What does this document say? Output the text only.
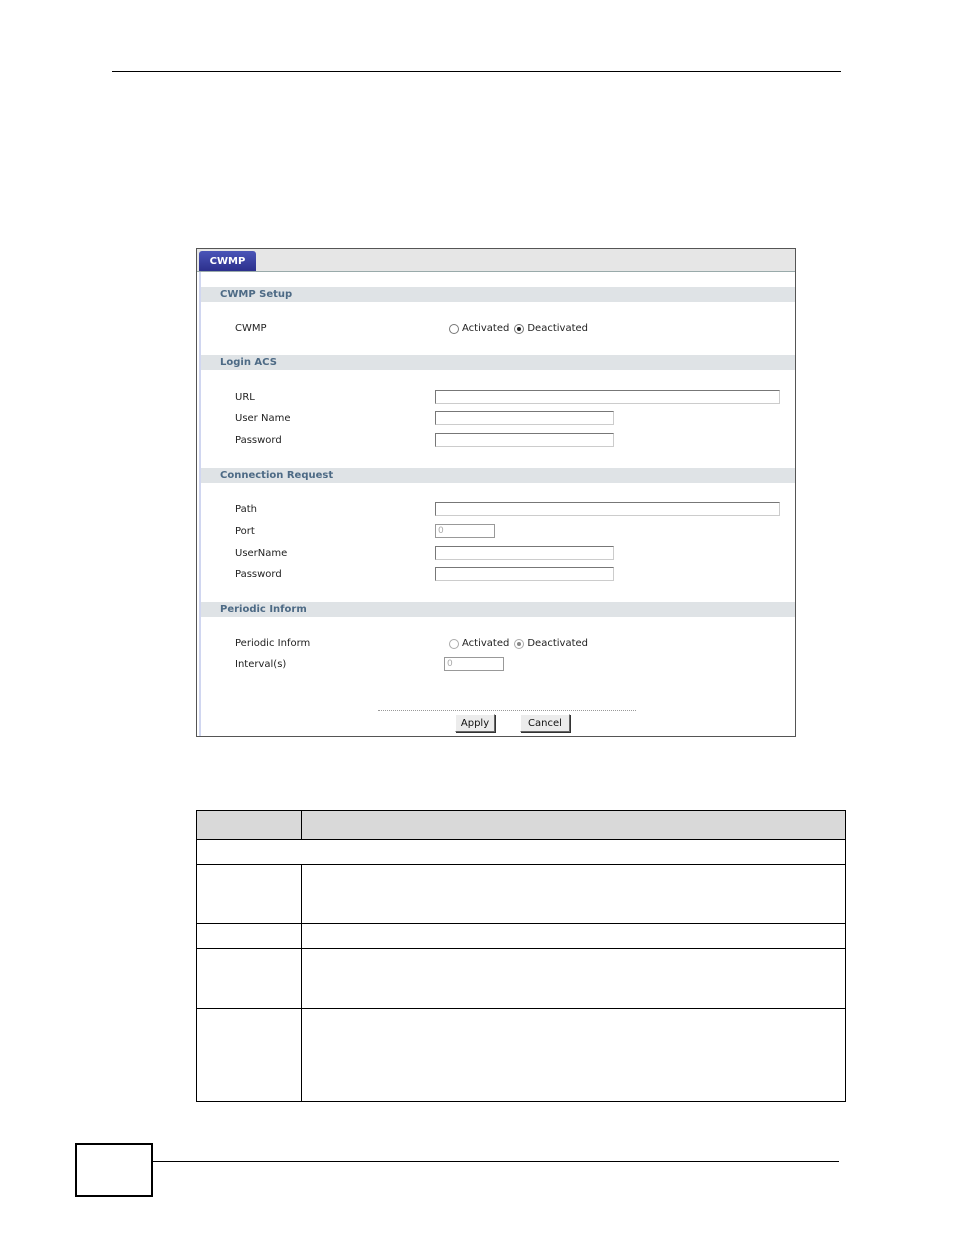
CWMP
CWMP Setup
CWMP	Activated Deactivated
Login ACS
URL
User Name
Password
Connection Request
Path
Port	0
UserName
Password
Periodic Inform
Periodic Inform	Activated Deactivated
Interval(s)	0
Apply	Cancel
